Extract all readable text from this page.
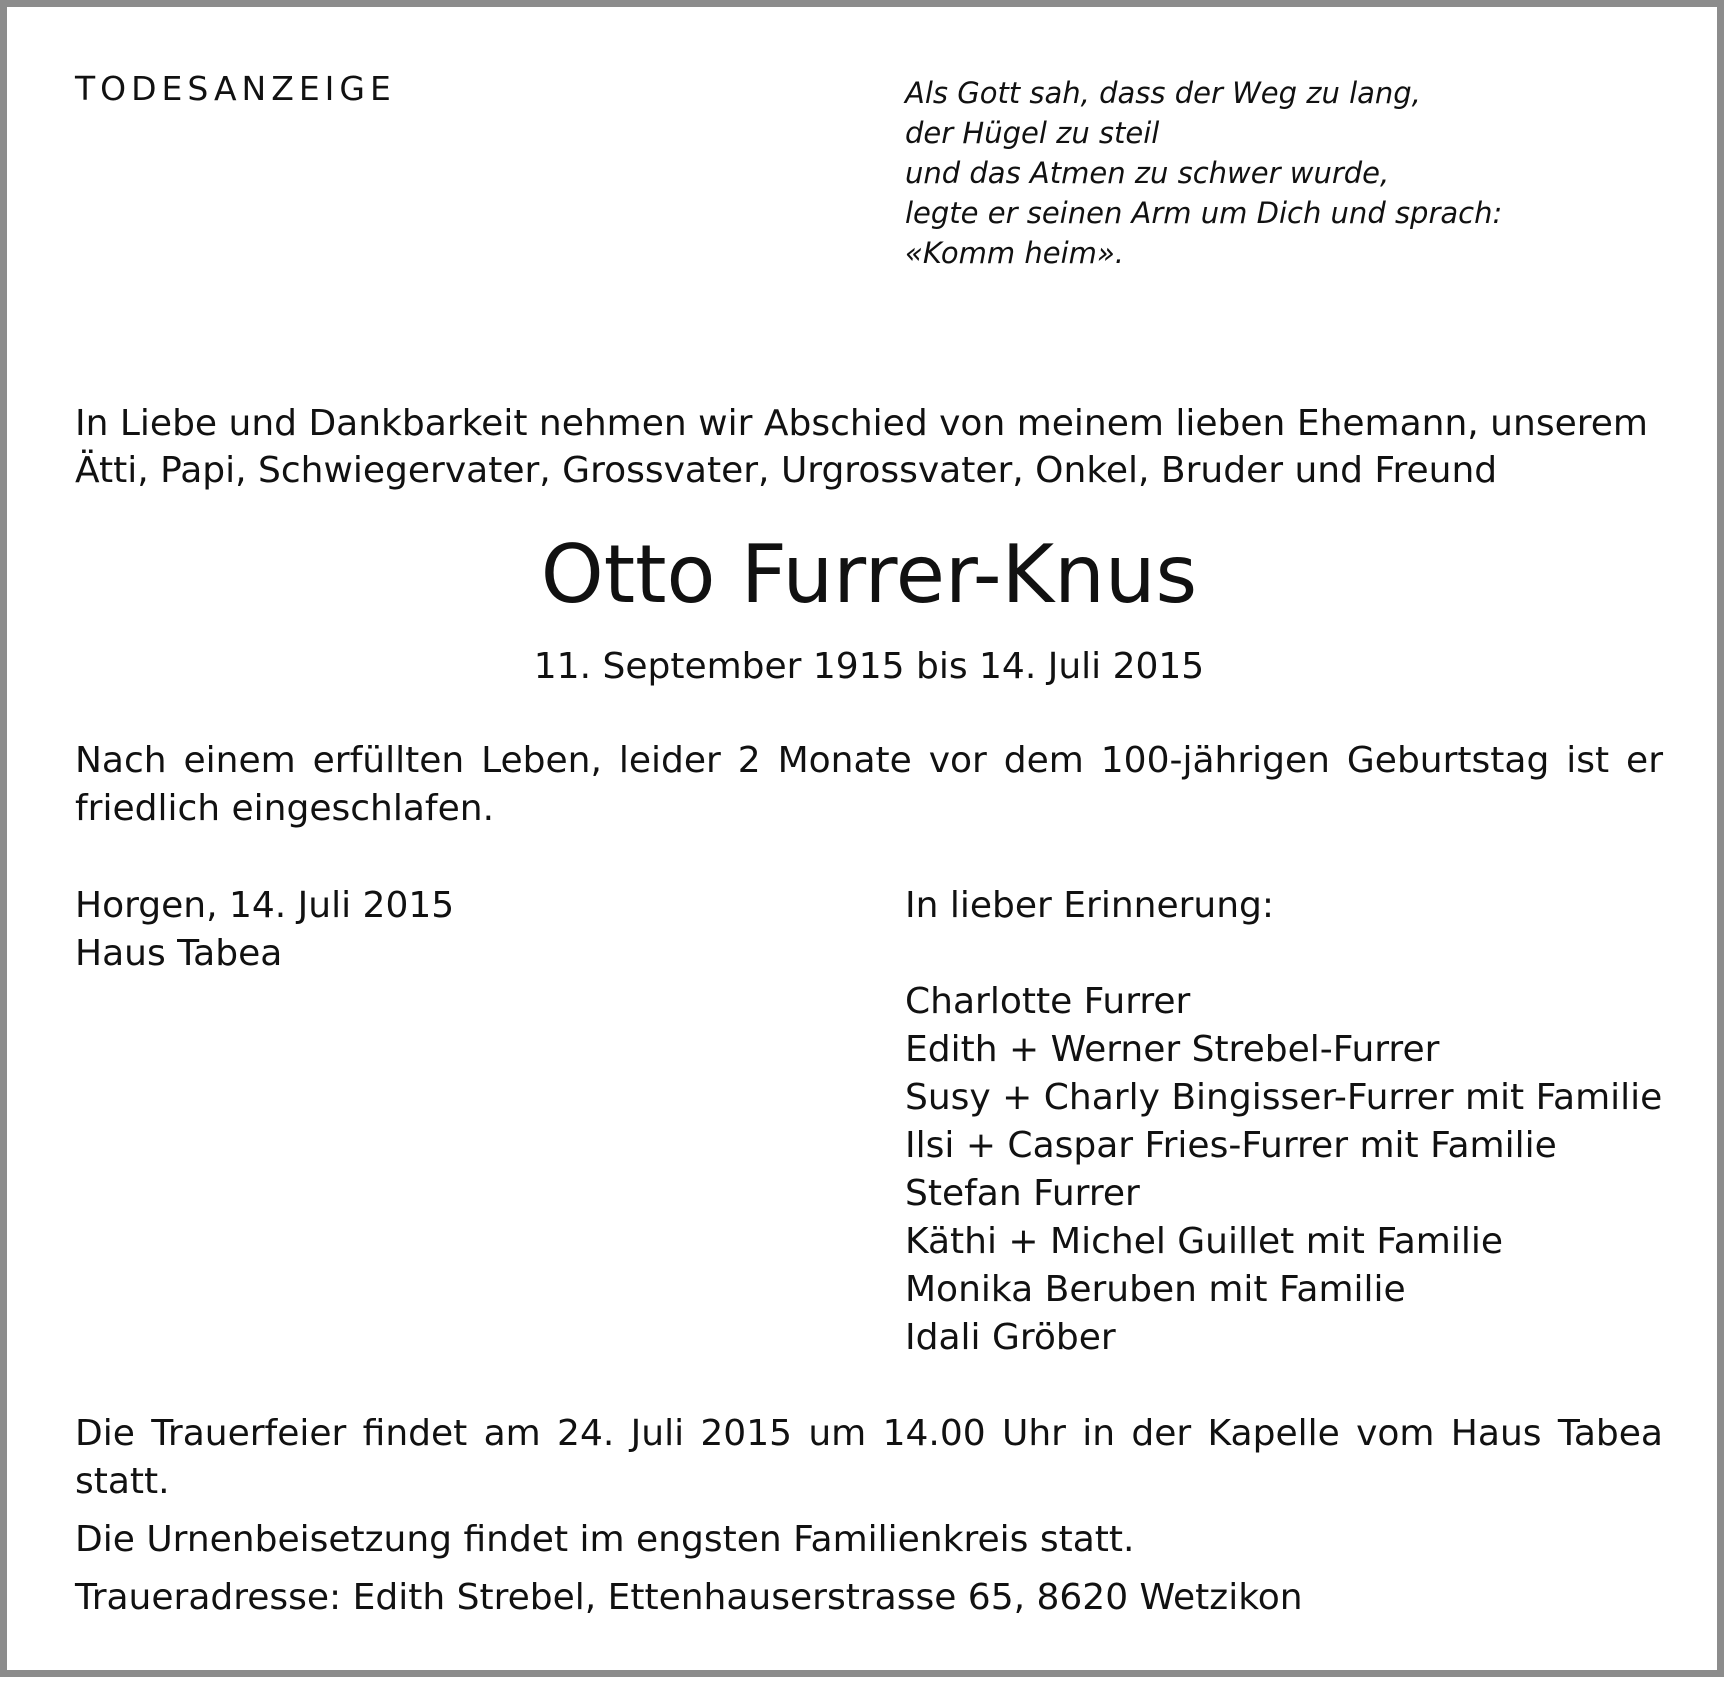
TODESANZEIGE	Als Gott sah, dass der Weg zu lang,
der Hügel zu steil
und das Atmen zu schwer wurde,
legte er seinen Arm um Dich und sprach:
«Komm heim».
In Liebe und Dankbarkeit nehmen wir Abschied von meinem lieben Ehemann, unserem
Ätti, Papi, Schwiegervater, Grossvater, Urgrossvater, Onkel, Bruder und Freund
Otto Furrer-Knus
11. September 1915 bis 14. Juli 2015
Nach einem erfüllten Leben, leider 2 Monate vor dem 100-jährigen Geburtstag ist er
friedlich eingeschlafen.
Horgen, 14. Juli 2015
Haus Tabea
In lieber Erinnerung:
Charlotte Furrer
Edith + Werner Strebel-Furrer
Susy + Charly Bingisser-Furrer mit Familie
Ilsi + Caspar Fries-Furrer mit Familie
Stefan Furrer
Käthi + Michel Guillet mit Familie
Monika Beruben mit Familie
Idali Gröber
Die Trauerfeier findet am 24. Juli 2015 um 14.00 Uhr in der Kapelle vom Haus Tabea
statt.
Die Urnenbeisetzung findet im engsten Familienkreis statt.
Traueradresse: Edith Strebel, Ettenhauserstrasse 65, 8620 Wetzikon
